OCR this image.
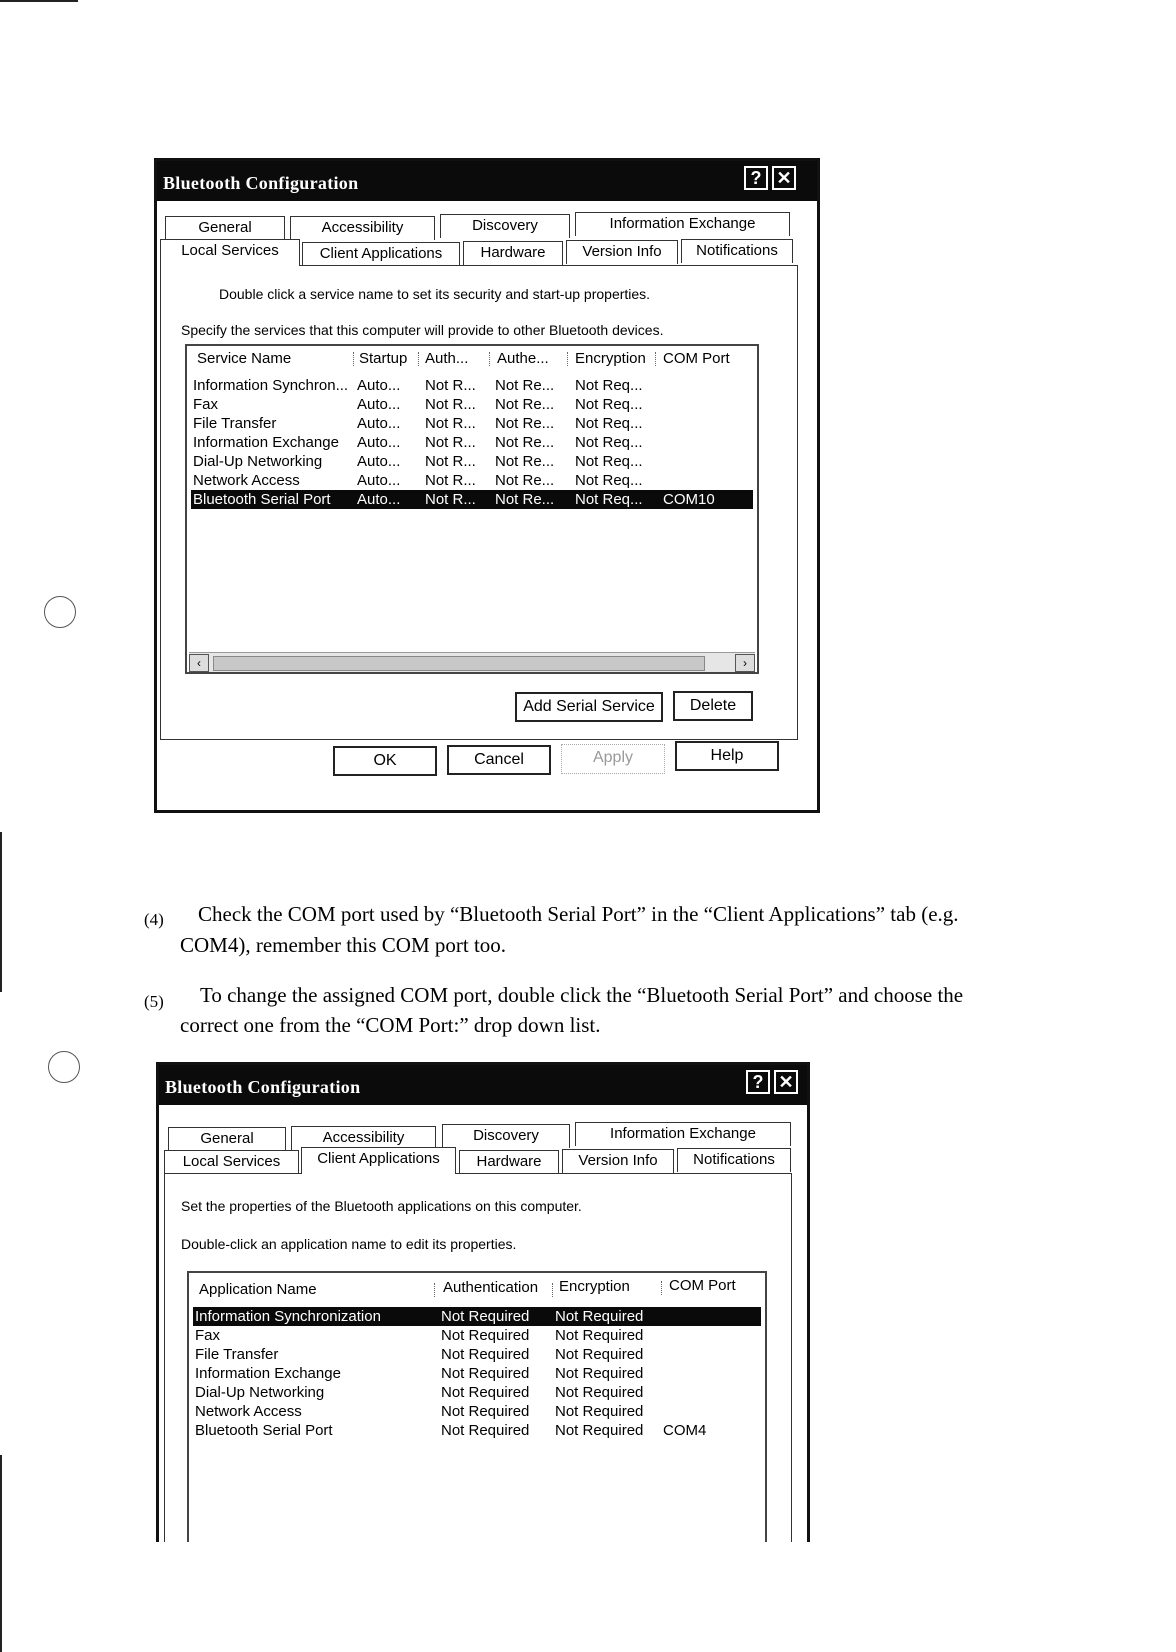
Bluetooth Configuration	? ✕
General	Accessibility	Discovery	Information Exchange
Local Services	Client Applications	Hardware	Version Info	Notifications
Double click a service name to set its security and start-up properties.
Specify the services that this computer will provide to other Bluetooth devices.
Service Name	Startup Auth... Authe... Encryption COM Port
Information Synchron... Auto...	Not R...	Not Re...	Not Req...
Fax	Auto...	Not R...	Not Re...	Not Req...
File Transfer	Auto...	Not R...	Not Re...	Not Req...
Information Exchange	Auto...	Not R...	Not Re...	Not Req...
Dial-Up Networking	Auto...	Not R...	Not Re...	Not Req...
Network Access	Auto...	Not R...	Not Re...	Not Req...
Bluetooth Serial Port	Auto...	Not R...	Not Re...	Not Req...	COM10
‹	›
Add Serial Service	Delete
OK	Cancel	Apply	Help
(4) Check the COM port used by “Bluetooth Serial Port” in the “Client Applications” tab (e.g.
COM4), remember this COM port too.
(5) To change the assigned COM port, double click the “Bluetooth Serial Port” and choose the
correct one from the “COM Port:” drop down list.
Bluetooth Configuration	? ✕
General	Accessibility	Discovery	Information Exchange
Local Services	Client Applications	Hardware	Version Info	Notifications
Set the properties of the Bluetooth applications on this computer.
Double-click an application name to edit its properties.
Application Name	Authentication Encryption	COM Port
Information Synchronization	Not Required	Not Required
Fax	Not Required	Not Required
File Transfer	Not Required	Not Required
Information Exchange	Not Required	Not Required
Dial-Up Networking	Not Required	Not Required
Network Access	Not Required	Not Required
Bluetooth Serial Port	Not Required	Not Required	COM4
